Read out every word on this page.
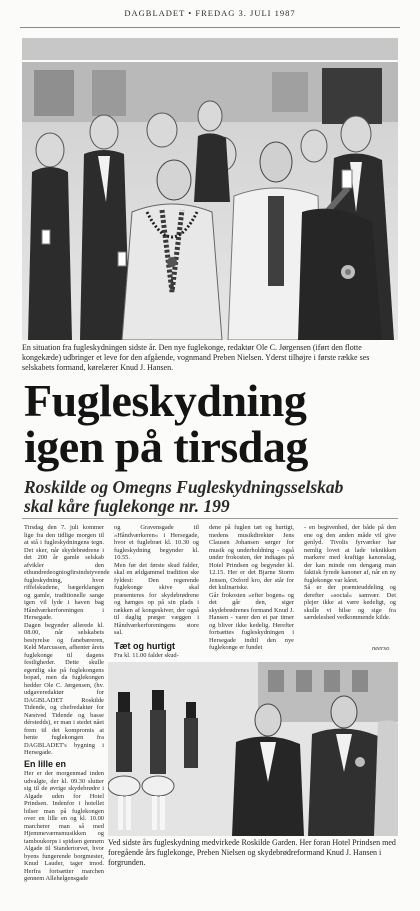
DAGBLADET • FREDAG 3. JULI 1987
En situation fra fugleskydningen sidste år. Den nye fuglekonge, redaktør Ole C. Jørgensen (iført den flotte kongekæde) udbringer et leve for den afgående, vognmand Preben Nielsen. Yderst tilhøjre i første række ses selskabets formand, kørelærer Knud J. Hansen.
Fugleskydning
igen på tirsdag
Roskilde og Omegns Fugleskydningsselskab
skal kåre fuglekonge nr. 199

Tirsdag den 7. juli kommer lige fra den tidlige morgen til at stå i fugleskydningens tegn. Det sker, når skydebrødrene i det 200 år gamle selskab afvikler den ethundredeogniogfirsindstyvende fugleskydning, hvor riffelskudene, bægerklangen og gamle, traditionelle sange igen vil lyde i haven bag Håndværkerforeningen i Hersegade.

Dagen begynder allerede kl. 08.00, når selskabets bestyrelse og fanebæreren, Keld Marcussen, afhenter årets fuglekonge til dagens festligheder. Dette skulle egentlig ske på fuglekongens bopæl, men da fuglekongen hedder Ole C. Jørgensen, (hv. udgaveredaktør for DAGBLADET Roskilde Tidende, og chefredaktør for Næstved Tidende og basse dérstedds), er man i stedet nået frem til det kompromis at hente fuglekongen fra DAGBLADET's bygning i Hersegade.

En lille en

Her er der morgenmad inden udvalgte, der kl. 09.30 slutter sig til de øvrige skydebrødre i Algade uden for Hotel Prindsen. Indenfor i hotellet hilser man på fuglekongen over en lille en og kl. 10.00 marcherer man så med Hjemmeværnsmusikken og tamboukorps i spidsen gennem Algade til Standertorvet, hvor byens fungerende borgmester, Knud Lauder, tager imod. Herfra fortsætter marchen gennem Allehelgensgade

og Gravensgade til »Håndværkeren« i Hersegade, hvor et fuglebræt kl. 10.30 og fugleskydning begynder kl. 10.55.

Men før det første skud falder, skal en ældgammel tradition ske fyldest: Den regerende fuglekonge skive skal præsenteres for skydebrødrene og hænges op på sin plads i rækken af kongeskiver, der også til daglig præger væggen i Håndværkerforeningens store sal.

Tæt og hurtigt
Fra kl. 11.00 falder skud-

dene på fuglen tæt og hurtigt, medens musikdirektør Jens Clausen Johansen sørger for musik og underholdning - også under frokosten, der indtages på Hotel Prindsen og begynder kl. 12.15. Her er det Bjarne Storm Jensen, Oxford kro, der står for det kulinariske.

Går frokosten »efter bogen« og det går den, siger skydebrødrenes formand Knud J. Hansen - varer den et par timer og bliver ikke kedelig. Herefter fortsættes fugleskydningen i Hersegade indtil den nye fuglekonge er fundet

- en begivenhed, der både på den ene og den anden måde vil give genlyd. Tivolis fyrværker har nemlig lovet at lade teknikken markere med kraftige kanonslag, der kan minde om dengang man faktisk fyrede kanoner af, når en ny fuglekonge var kåret.

Så er der præmieuddeling og derefter »social« samvær. Det plejer ikke at være kedeligt, og skulle vi hilse og sige fra særdeleshed vedkommende kilde.

neerso
Ved sidste års fugleskydning medvirkede Roskilde Garden. Her foran Hotel Prindsen med foregående års fuglekonge, Preben Nielsen og skydebrødreformand Knud J. Hansen i forgrunden.
